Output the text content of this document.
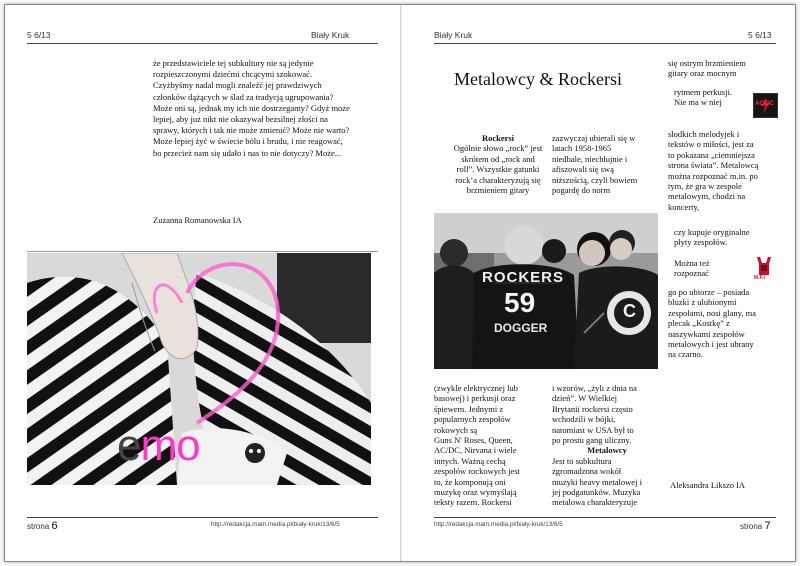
5 6/13	Biały Kruk
że przedstawiciele tej subkultury nie są jedynie
rozpieszczonymi dziećmi chcącymi szokować.
Czyżbyśmy nadal mogli znaleźć jej prawdziwych
członków dążących w ślad za tradycją ugrupowania?
Może oni są, jednak my ich nie dostrzegamy? Gdyż może
lepiej, aby już nikt nie okazywał bezsilnej złości na
sprawy, których i tak nie może zmienić? Może nie warto?
Może lepiej żyć w świecie bólu i brudu, i nie reagować,
bo przecież nam się udało i nas to nie dotyczy? Może...
Zuzanna Romanowska IA
emo
strona 6	http://redakcja.mam.media.pl/biały-kruk/13/6/5
Biały Kruk	5 6/13
Metalowcy & Rockersi
Rockersi
Ogólnie słowo „rock” jest
skrótem od „rock and
roll”. Wszystkie gatunki
rock’a charakteryzują się
brzmieniem gitary
zazwyczaj ubierali się w
latach 1958-1965
niedbale, niechlujnie i
afiszowali się swą
niższością, czyli bowiem
pogardę do norm
ROCKERS
59
DOGGER
C
(zwykle elektrycznej lub
basowej) i perkusji oraz
śpiewem. Jednymi z
popularnych zespołów
rokowych są
Guns N' Roses, Queen,
AC/DC, Nirvana i wiele
innych. Ważną cechą
zespołów rockowych jest
to, że komponują oni
muzykę oraz wymyślają
teksty razem. Rockersi
i wzorów, „żyli z dnia na
dzień”. W Wielkiej
Brytanii rockersi często
wchodzili w bójki,
natomiast w USA był to
po prostu gang uliczny.
Metalowcy
Jest to subkultura
zgromadzona wokół
muzyki heavy metalowej i
jej podgatunków. Muzyka
metalowa charakteryzuje
się ostrym brzmieniem
gitary oraz mocnym
rytmem perkusji.
Nie ma w niej	AC/DC
słodkich melodyjek i
tekstów o miłości, jest za
to pokazana „ciemniejsza
strona świata”. Metalowcą
można rozpoznać m.in. po
tym, że gra w zespole
metalowym, chodzi na
koncerty,
czy kupuje oryginalne
płyty zespołów.
Można też
rozpoznać	M.F.I
go po ubiorze – posiada
bluzki z ulubionymi
zespołami, nosi glany, ma
plecak „Kostkę” z
naszywkami zespołów
metalowych i jest ubrany
na czarno.
Aleksandra Likszo IA
http://redakcja.mam.media.pl/biały-kruk/13/6/5	strona 7
